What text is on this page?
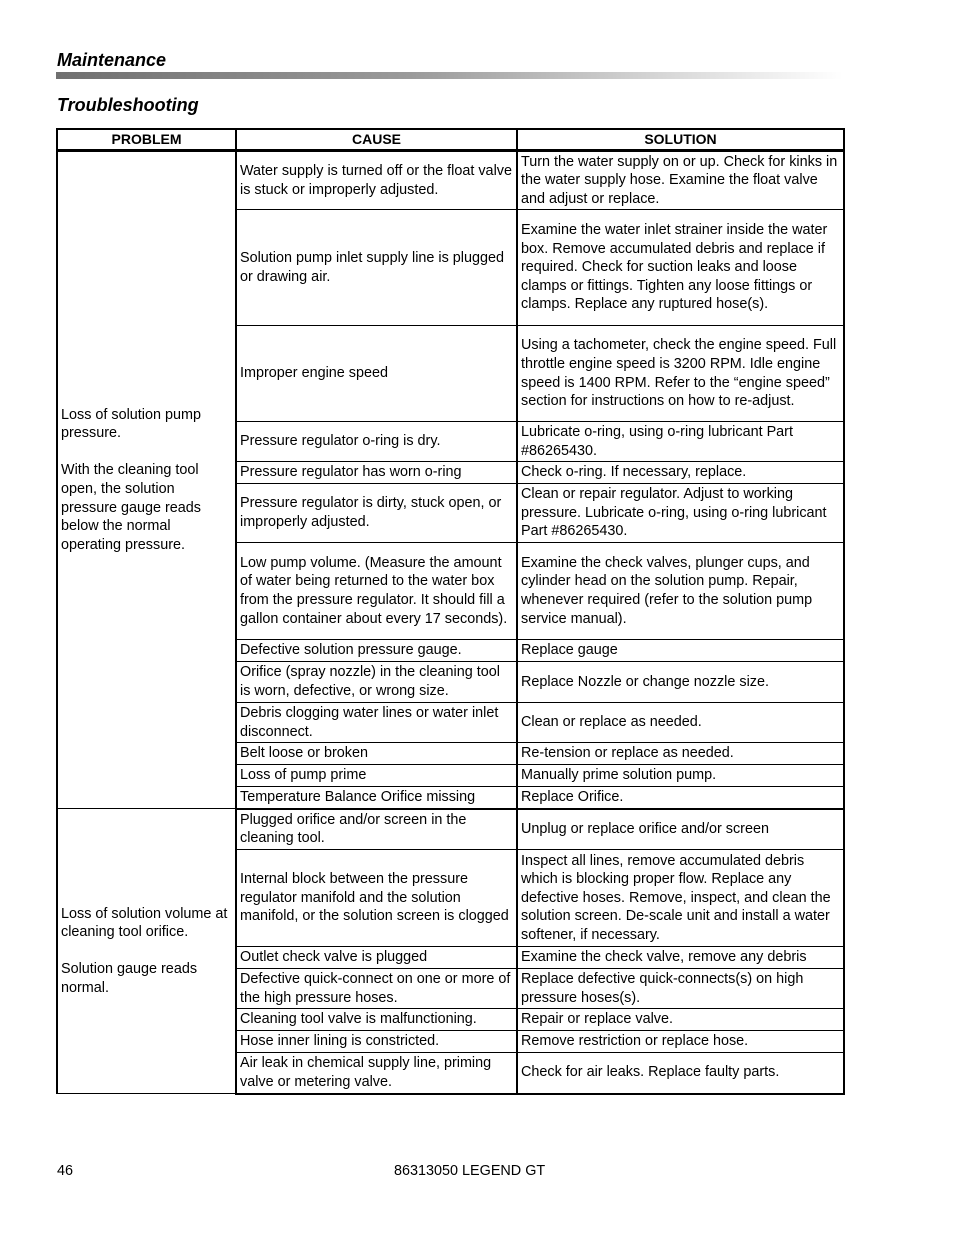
Maintenance
Troubleshooting
PROBLEM	CAUSE	SOLUTION

Loss of solution pump pressure.

With the cleaning tool open, the solution pressure gauge reads below the normal operating pressure.	Water supply is turned off or the float valve is stuck or improperly adjusted.	Turn the water supply on or up. Check for kinks in the water supply hose. Examine the float valve and adjust or replace.
	Solution pump inlet supply line is plugged or drawing air.	Examine the water inlet strainer inside the water box. Remove accumulated debris and replace if required. Check for suction leaks and loose clamps or fittings. Tighten any loose fittings or clamps. Replace any ruptured hose(s).
	Improper engine speed	Using a tachometer, check the engine speed. Full throttle engine speed is 3200 RPM. Idle engine speed is 1400 RPM. Refer to the “engine speed” section for instructions on how to re-adjust.
	Pressure regulator o-ring is dry.	Lubricate o-ring, using o-ring lubricant Part #86265430.
	Pressure regulator has worn o-ring	Check o-ring. If necessary, replace.
	Pressure regulator is dirty, stuck open, or improperly adjusted.	Clean or repair regulator. Adjust to working pressure. Lubricate o-ring, using o-ring lubricant Part #86265430.
	Low pump volume. (Measure the amount of water being returned to the water box from the pressure regulator. It should fill a gallon container about every 17 seconds).	Examine the check valves, plunger cups, and cylinder head on the solution pump. Repair, whenever required (refer to the solution pump service manual).
	Defective solution pressure gauge.	Replace gauge
	Orifice (spray nozzle) in the cleaning tool is worn, defective, or wrong size.	Replace Nozzle or change nozzle size.
	Debris clogging water lines or water inlet disconnect.	Clean or replace as needed.
	Belt loose or broken	Re-tension or replace as needed.
	Loss of pump prime	Manually prime solution pump.
	Temperature Balance Orifice missing	Replace Orifice.

Loss of solution volume at cleaning tool orifice.

Solution gauge reads normal.	Plugged orifice and/or screen in the cleaning tool.	Unplug or replace orifice and/or screen
	Internal block between the pressure regulator manifold and the solution manifold, or the solution screen is clogged	Inspect all lines, remove accumulated debris which is blocking proper flow. Replace any defective hoses. Remove, inspect, and clean the solution screen. De-scale unit and install a water softener, if necessary.
	Outlet check valve is plugged	Examine the check valve, remove any debris
	Defective quick-connect on one or more of the high pressure hoses.	Replace defective quick-connects(s) on high pressure hoses(s).
	Cleaning tool valve is malfunctioning.	Repair or replace valve.
	Hose inner lining is constricted.	Remove restriction or replace hose.
	Air leak in chemical supply line, priming valve or metering valve.	Check for air leaks. Replace faulty parts.
46	86313050 LEGEND GT
